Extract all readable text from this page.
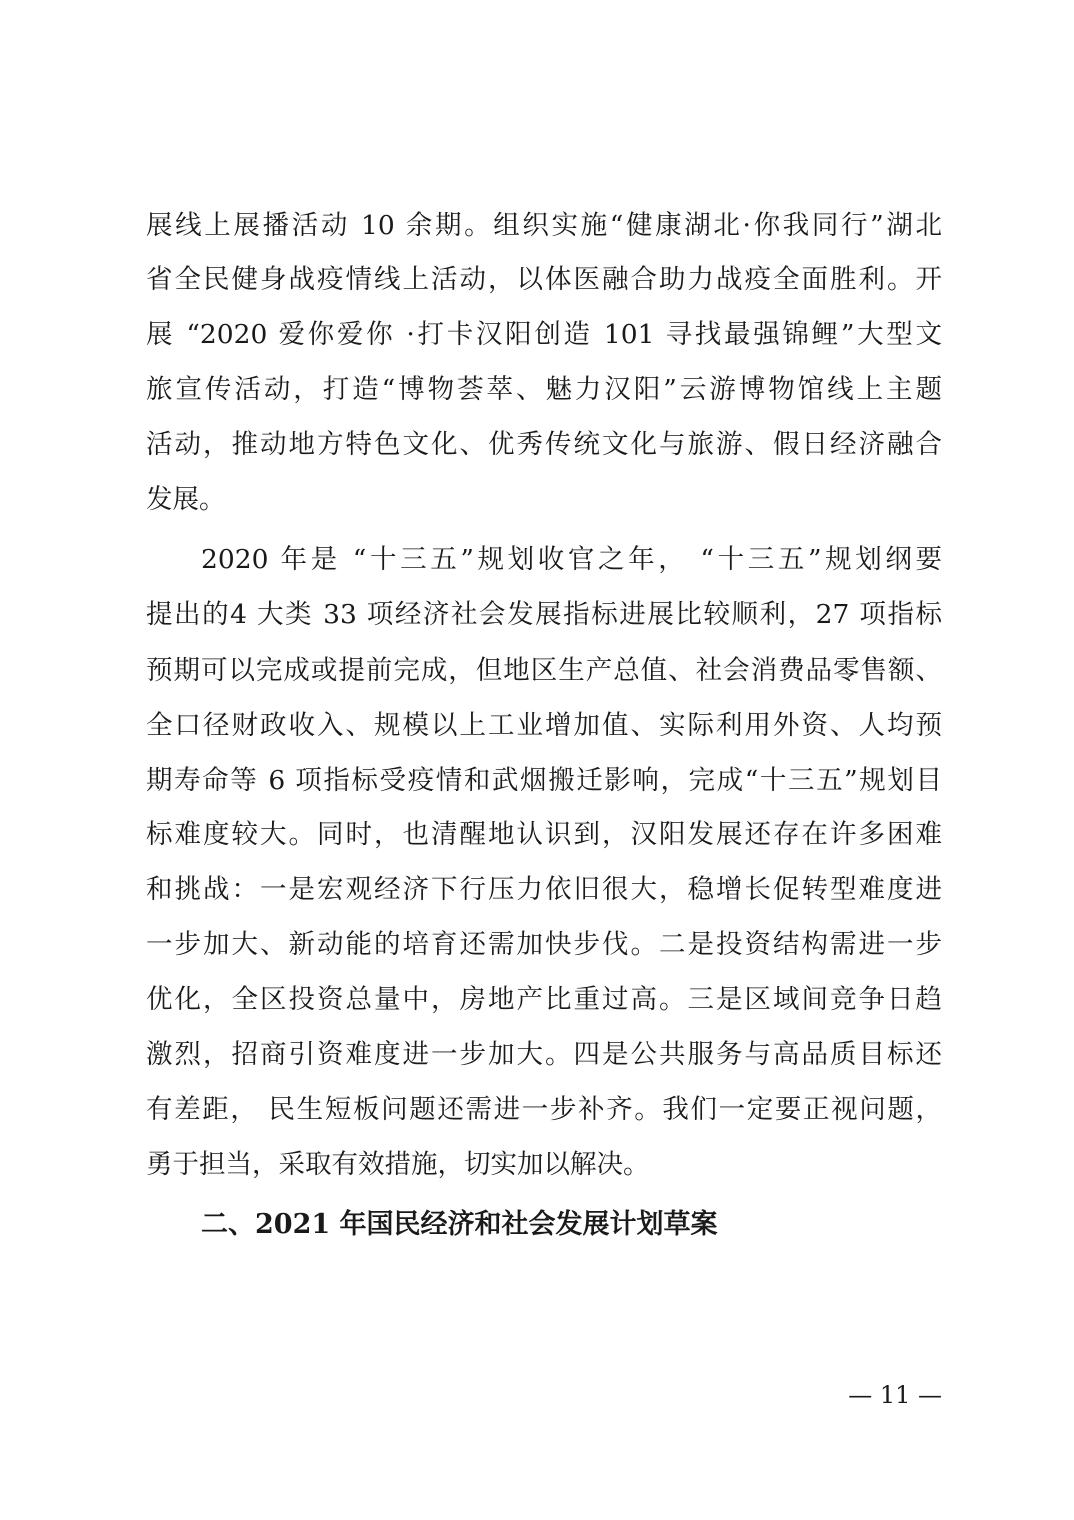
展线上展播活动 10 余期。组织实施“健康湖北·你我同行”湖北
省全民健身战疫情线上活动，以体医融合助力战疫全面胜利。开
展 “2020 爱你爱你 ·打卡汉阳创造 101 寻找最强锦鲤”大型文
旅宣传活动，打造“博物荟萃、魅力汉阳”云游博物馆线上主题
活动，推动地方特色文化、优秀传统文化与旅游、假日经济融合
发展。
2020 年是 “十三五”规划收官之年， “十三五”规划纲要
提出的4 大类 33 项经济社会发展指标进展比较顺利，27 项指标
预期可以完成或提前完成，但地区生产总值、社会消费品零售额、
全口径财政收入、规模以上工业增加值、实际利用外资、人均预
期寿命等 6 项指标受疫情和武烟搬迁影响，完成“十三五”规划目
标难度较大。同时，也清醒地认识到，汉阳发展还存在许多困难
和挑战：一是宏观经济下行压力依旧很大，稳增长促转型难度进
一步加大、新动能的培育还需加快步伐。二是投资结构需进一步
优化，全区投资总量中，房地产比重过高。三是区域间竞争日趋
激烈，招商引资难度进一步加大。四是公共服务与高品质目标还
有差距， 民生短板问题还需进一步补齐。我们一定要正视问题，
勇于担当，采取有效措施，切实加以解决。
二、2021 年国民经济和社会发展计划草案
— 11 —
